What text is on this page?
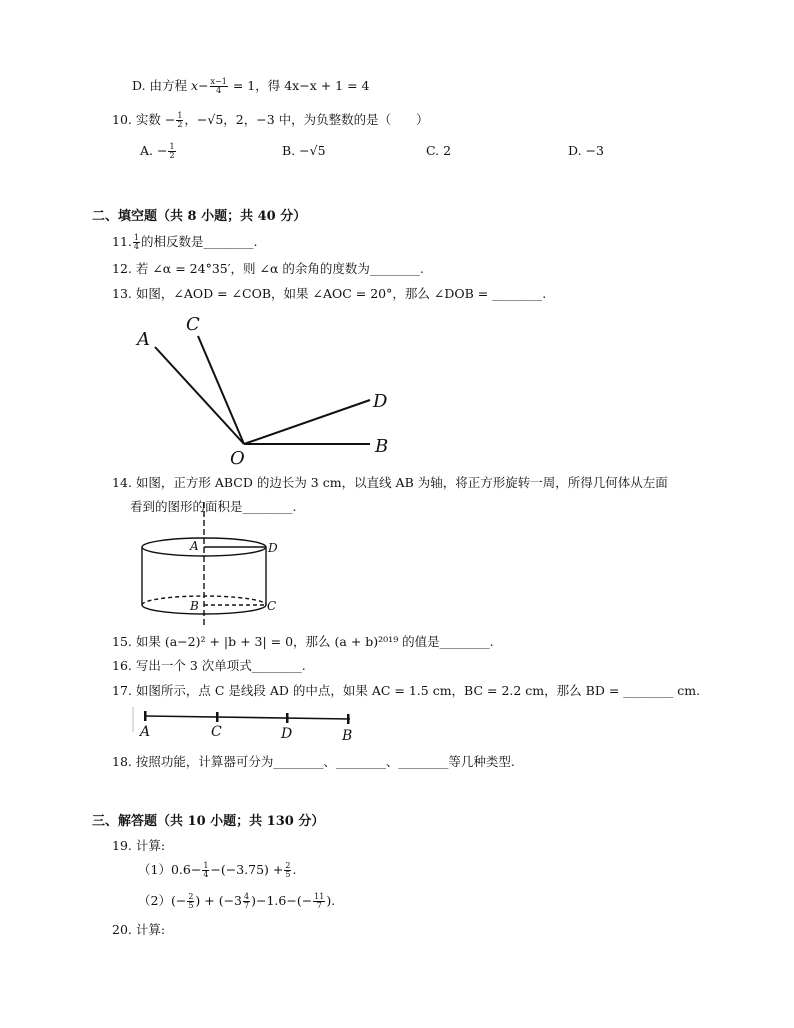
D. 由方程 $x- \frac{x-1}{4} = 1$，得 4x−x + 1 = 4
10. 实数 − $\frac{1}{2}$ ，−√5，2，−3 中，为负整数的是（　　）
A. − $\frac{1}{2}$	B. −√5	C. 2	D. −3
二、填空题（共 8 小题；共 40 分）
11. $\frac{1}{4}$ 的相反数是________.
12. 若 ∠α = 24°35′，则 ∠α 的余角的度数为________.
13. 如图，∠AOD = ∠COB，如果 ∠AOC = 20°，那么 ∠DOB = ________.
A
C
D
B
O
14. 如图，正方形 ABCD 的边长为 3 cm，以直线 AB 为轴，将正方形旋转一周，所得几何体从左面
看到的图形的面积是________.
A	D
B	C
15. 如果 (a−2)² + |b + 3| = 0，那么 (a + b)²⁰¹⁹ 的值是________.
16. 写出一个 3 次单项式________.
17. 如图所示，点 C 是线段 AD 的中点，如果 AC = 1.5 cm，BC = 2.2 cm，那么 BD = ________ cm.
A	C	D	B
18. 按照功能，计算器可分为________、________、________等几种类型.
三、解答题（共 10 小题；共 130 分）
19. 计算:
$(1)0.6- \frac{1}{4} -(-3.75) + \frac{2}{5}$ .
$(2)(- \frac{2}{5}$ ) + $(-3 \frac{4}{7} )-1.6-(- \frac{11}{7}$ ).
20. 计算:
